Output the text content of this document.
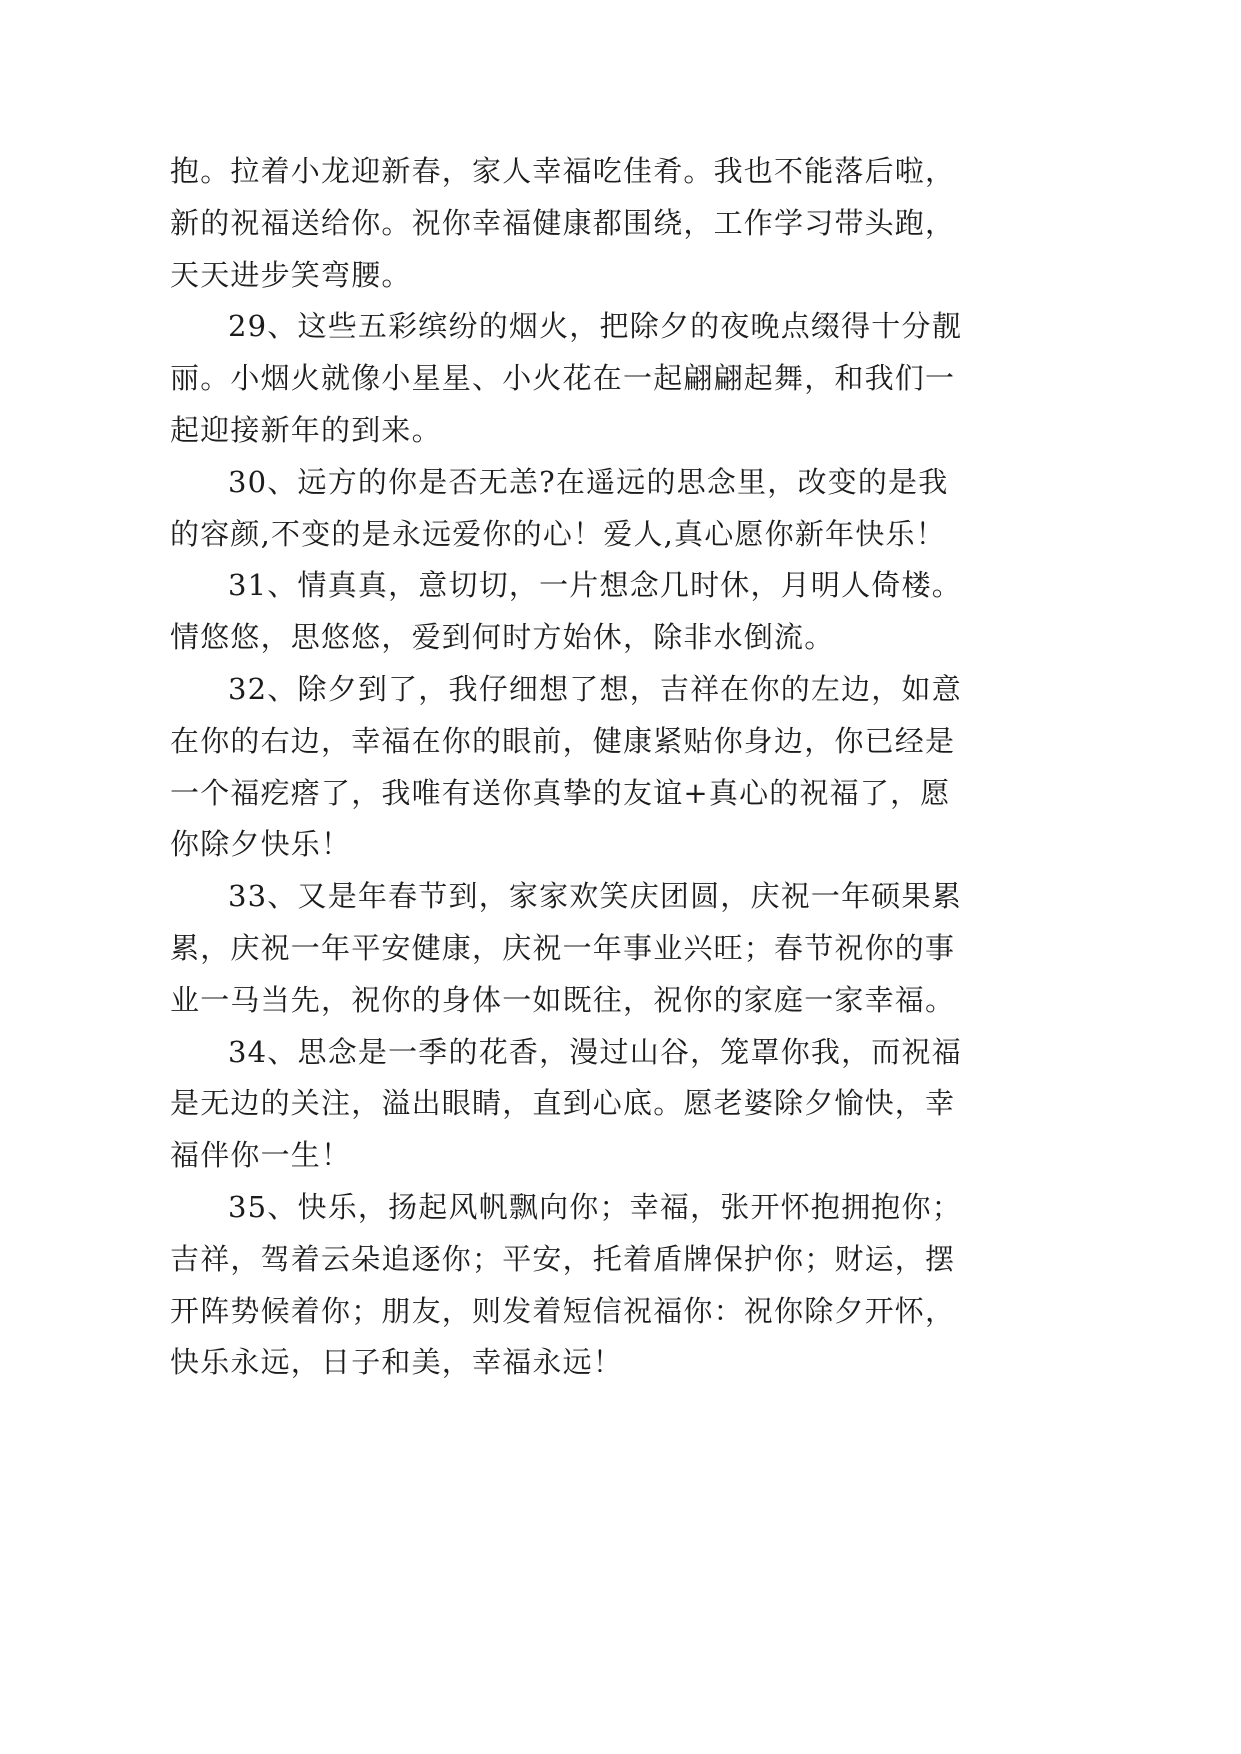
抱。拉着小龙迎新春，家人幸福吃佳肴。我也不能落后啦，
新的祝福送给你。祝你幸福健康都围绕，工作学习带头跑，
天天进步笑弯腰。
29、这些五彩缤纷的烟火，把除夕的夜晚点缀得十分靓
丽。小烟火就像小星星、小火花在一起翩翩起舞，和我们一
起迎接新年的到来。
30、远方的你是否无恙?在遥远的思念里，改变的是我
的容颜,不变的是永远爱你的心！爱人,真心愿你新年快乐！
31、情真真，意切切，一片想念几时休，月明人倚楼。
情悠悠，思悠悠，爱到何时方始休，除非水倒流。
32、除夕到了，我仔细想了想，吉祥在你的左边，如意
在你的右边，幸福在你的眼前，健康紧贴你身边，你已经是
一个福疙瘩了，我唯有送你真挚的友谊+真心的祝福了，愿
你除夕快乐！
33、又是年春节到，家家欢笑庆团圆，庆祝一年硕果累
累，庆祝一年平安健康，庆祝一年事业兴旺；春节祝你的事
业一马当先，祝你的身体一如既往，祝你的家庭一家幸福。
34、思念是一季的花香，漫过山谷，笼罩你我，而祝福
是无边的关注，溢出眼睛，直到心底。愿老婆除夕愉快，幸
福伴你一生！
35、快乐，扬起风帆飘向你；幸福，张开怀抱拥抱你；
吉祥，驾着云朵追逐你；平安，托着盾牌保护你；财运，摆
开阵势候着你；朋友，则发着短信祝福你：祝你除夕开怀，
快乐永远，日子和美，幸福永远！
